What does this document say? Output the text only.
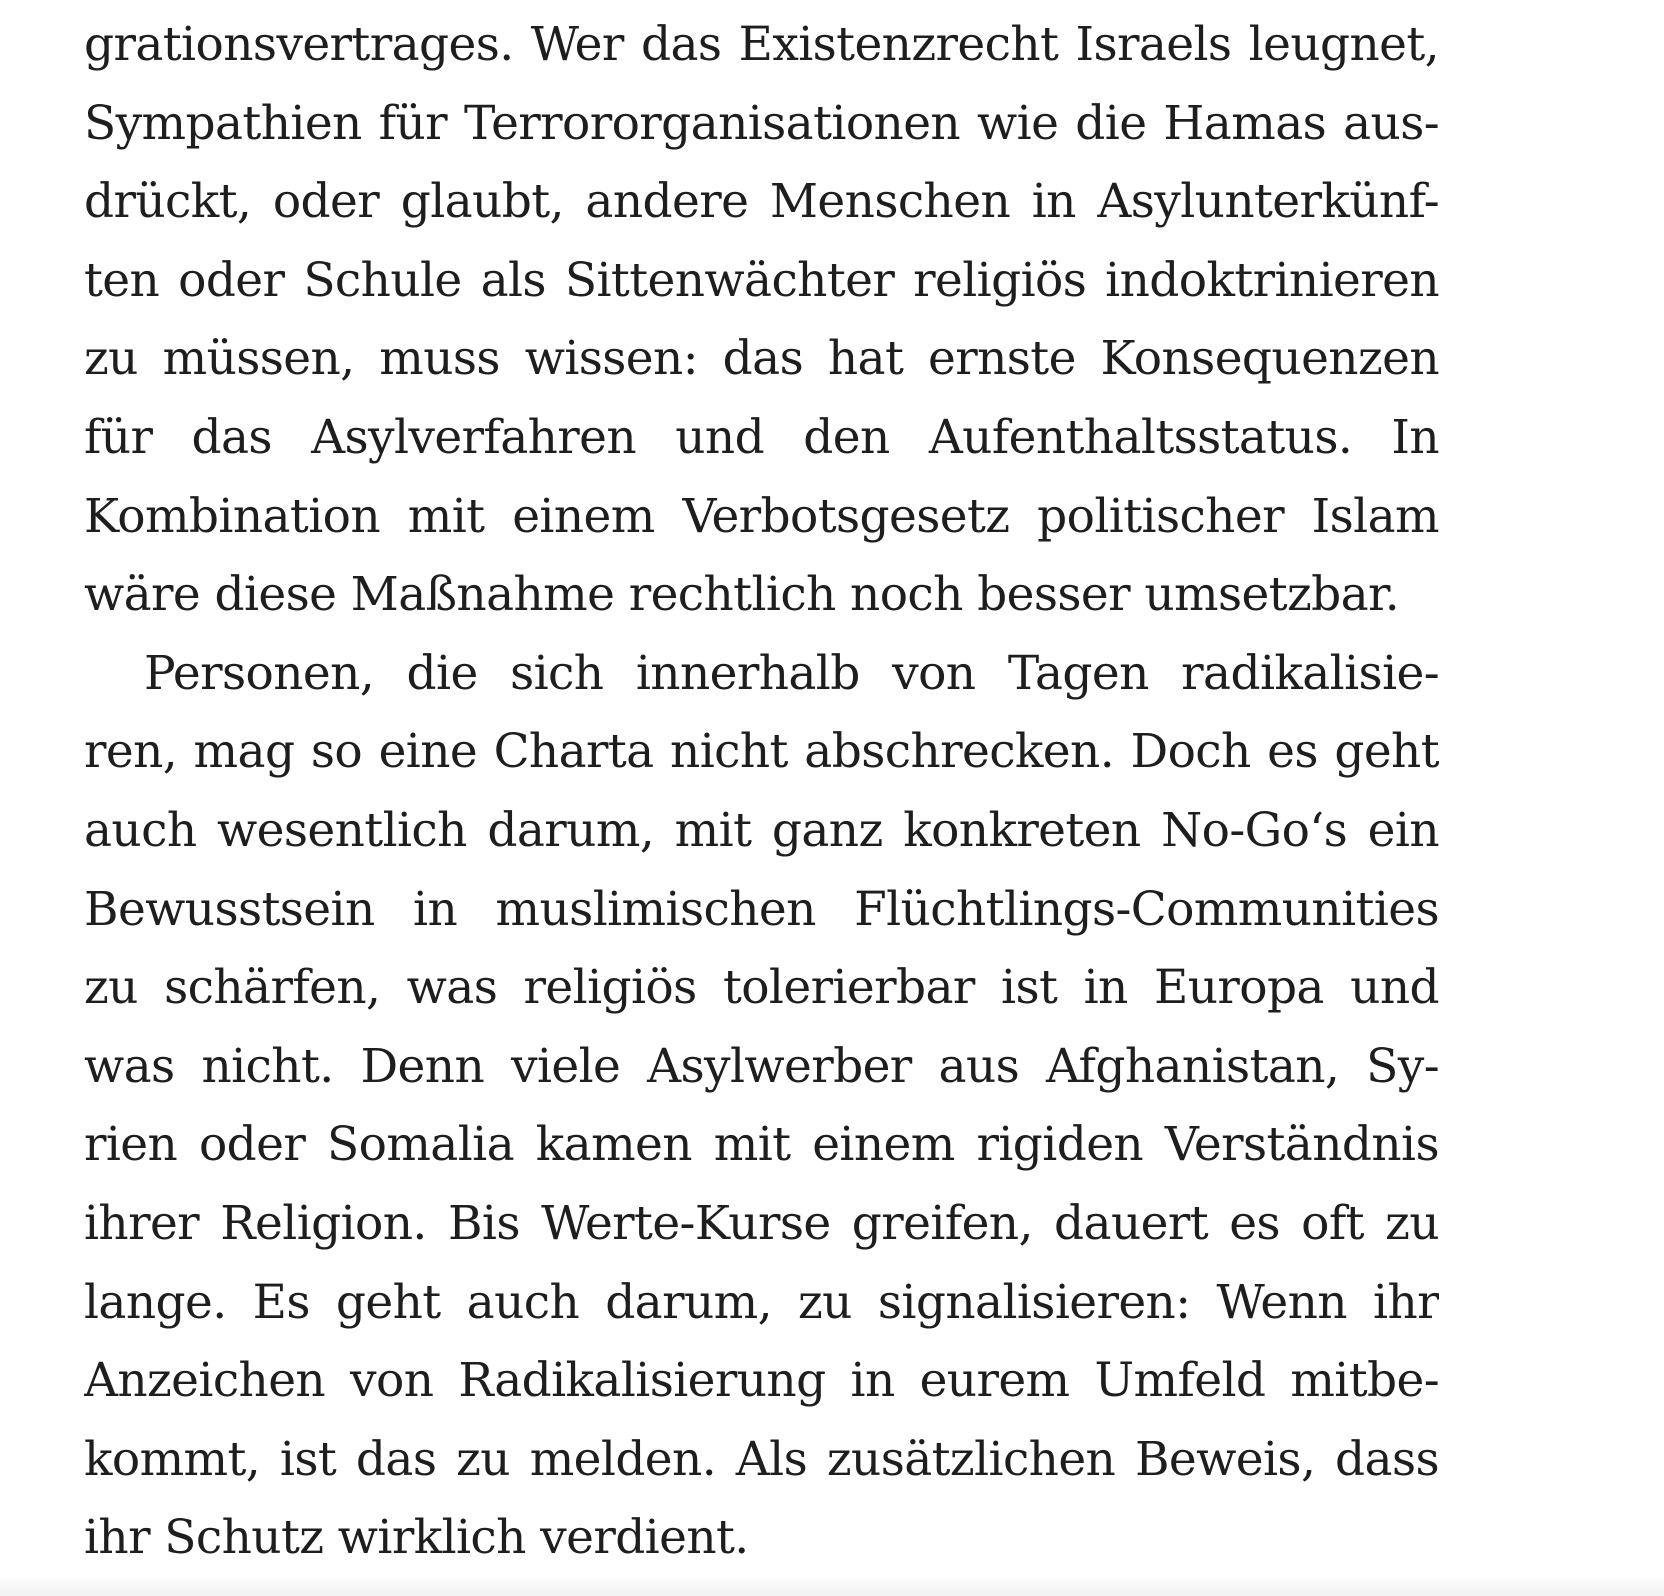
grationsvertrages. Wer das Existenzrecht Israels leugnet,
Sympathien für Terrororganisationen wie die Hamas aus-
drückt, oder glaubt, andere Menschen in Asylunterkünf-
ten oder Schule als Sittenwächter religiös indoktrinieren
zu müssen, muss wissen: das hat ernste Konsequenzen
für das Asylverfahren und den Aufenthaltsstatus. In
Kombination mit einem Verbotsgesetz politischer Islam
wäre diese Maßnahme rechtlich noch besser umsetzbar.
Personen, die sich innerhalb von Tagen radikalisie-
ren, mag so eine Charta nicht abschrecken. Doch es geht
auch wesentlich darum, mit ganz konkreten No-Go‘s ein
Bewusstsein in muslimischen Flüchtlings-Communities
zu schärfen, was religiös tolerierbar ist in Europa und
was nicht. Denn viele Asylwerber aus Afghanistan, Sy-
rien oder Somalia kamen mit einem rigiden Verständnis
ihrer Religion. Bis Werte-Kurse greifen, dauert es oft zu
lange. Es geht auch darum, zu signalisieren: Wenn ihr
Anzeichen von Radikalisierung in eurem Umfeld mitbe-
kommt, ist das zu melden. Als zusätzlichen Beweis, dass
ihr Schutz wirklich verdient.
